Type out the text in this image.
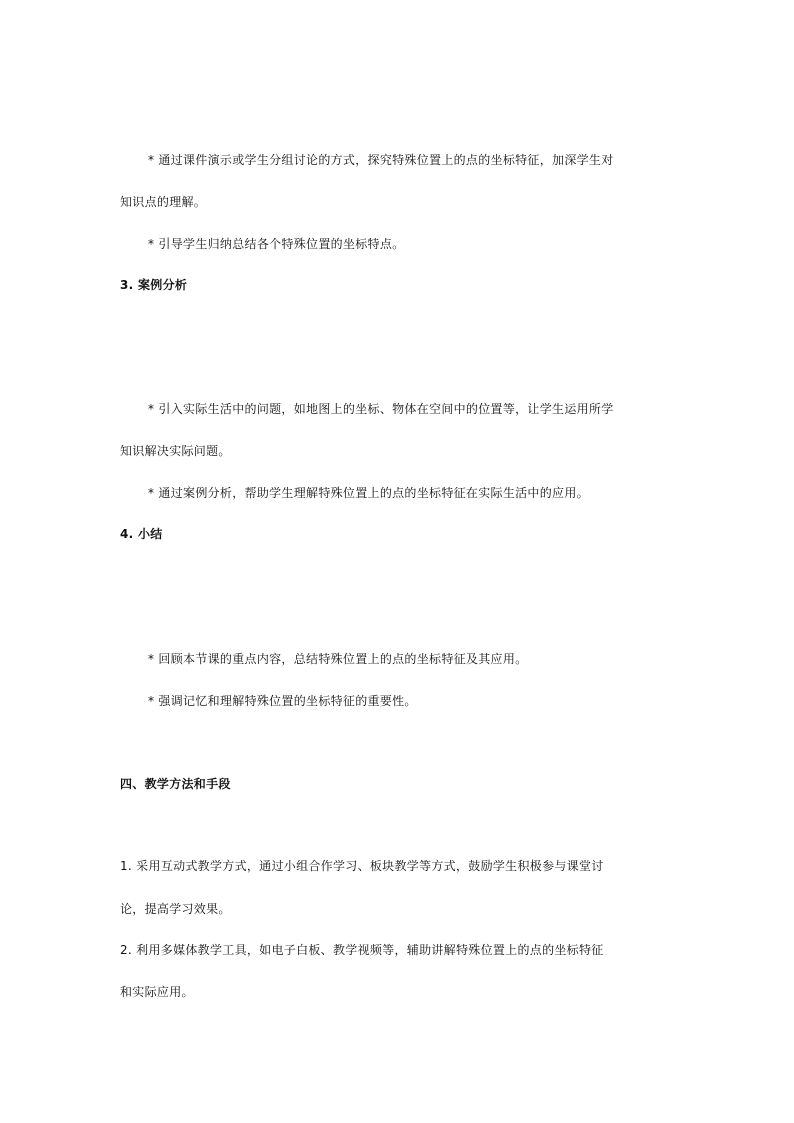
* 通过课件演示或学生分组讨论的方式，探究特殊位置上的点的坐标特征，加深学生对
知识点的理解。
* 引导学生归纳总结各个特殊位置的坐标特点。
3. 案例分析
* 引入实际生活中的问题，如地图上的坐标、物体在空间中的位置等，让学生运用所学
知识解决实际问题。
* 通过案例分析，帮助学生理解特殊位置上的点的坐标特征在实际生活中的应用。
4. 小结
* 回顾本节课的重点内容，总结特殊位置上的点的坐标特征及其应用。
* 强调记忆和理解特殊位置的坐标特征的重要性。
四、教学方法和手段
1. 采用互动式教学方式，通过小组合作学习、板块教学等方式，鼓励学生积极参与课堂讨
论，提高学习效果。
2. 利用多媒体教学工具，如电子白板、教学视频等，辅助讲解特殊位置上的点的坐标特征
和实际应用。
